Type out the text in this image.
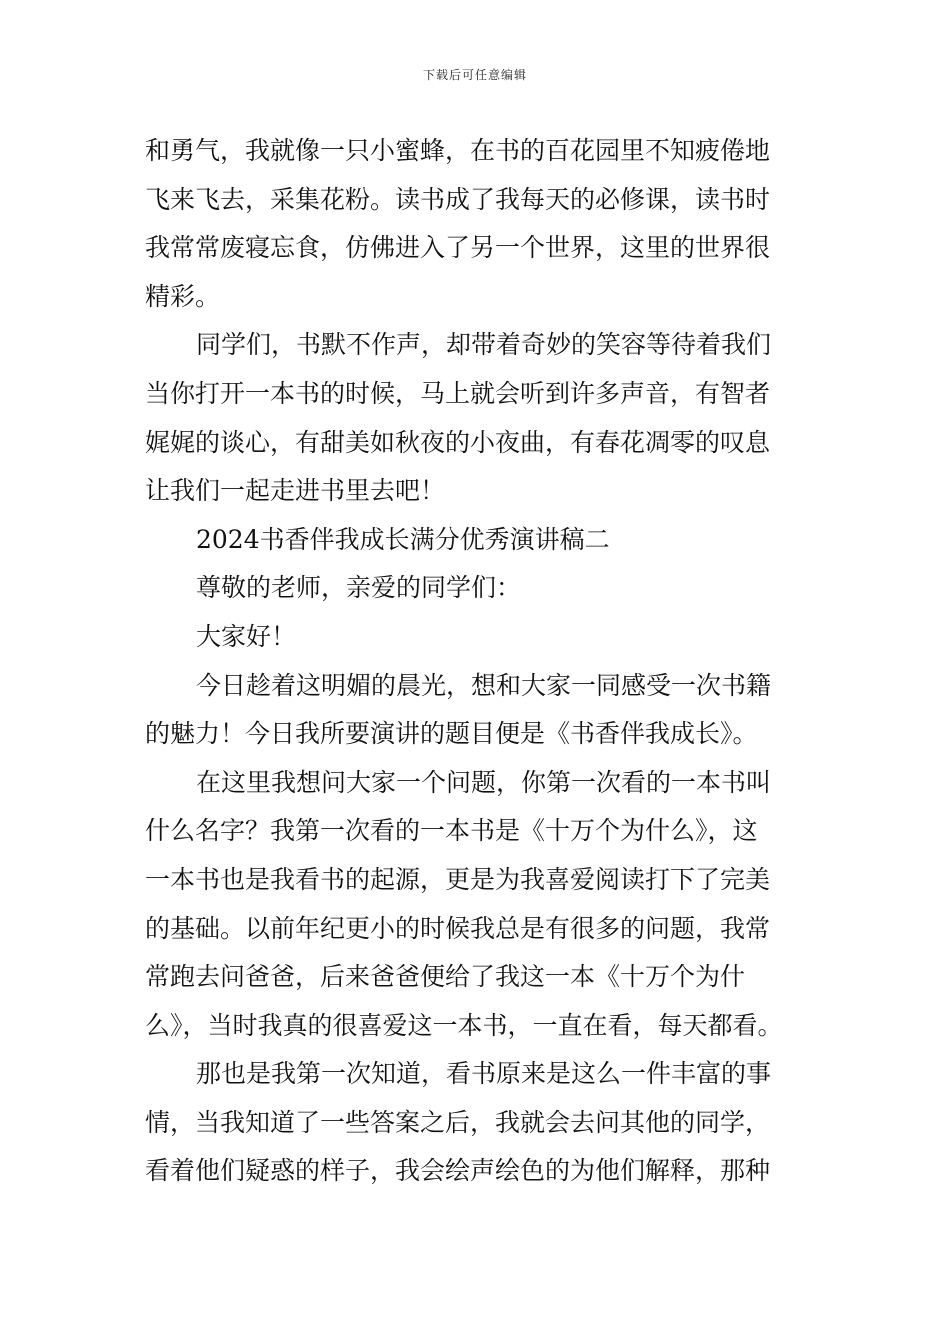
下载后可任意编辑
和勇气，我就像一只小蜜蜂，在书的百花园里不知疲倦地
飞来飞去，采集花粉。读书成了我每天的必修课，读书时
我常常废寝忘食，仿佛进入了另一个世界，这里的世界很
精彩。
同学们，书默不作声，却带着奇妙的笑容等待着我们
当你打开一本书的时候，马上就会听到许多声音，有智者
娓娓的谈心，有甜美如秋夜的小夜曲，有春花凋零的叹息
让我们一起走进书里去吧！
2024书香伴我成长满分优秀演讲稿二
尊敬的老师，亲爱的同学们：
大家好！
今日趁着这明媚的晨光，想和大家一同感受一次书籍
的魅力！今日我所要演讲的题目便是《书香伴我成长》。
在这里我想问大家一个问题，你第一次看的一本书叫
什么名字？我第一次看的一本书是《十万个为什么》，这
一本书也是我看书的起源，更是为我喜爱阅读打下了完美
的基础。以前年纪更小的时候我总是有很多的问题，我常
常跑去问爸爸，后来爸爸便给了我这一本《十万个为什
么》，当时我真的很喜爱这一本书，一直在看，每天都看。
那也是我第一次知道，看书原来是这么一件丰富的事
情，当我知道了一些答案之后，我就会去问其他的同学，
看着他们疑惑的样子，我会绘声绘色的为他们解释，那种
